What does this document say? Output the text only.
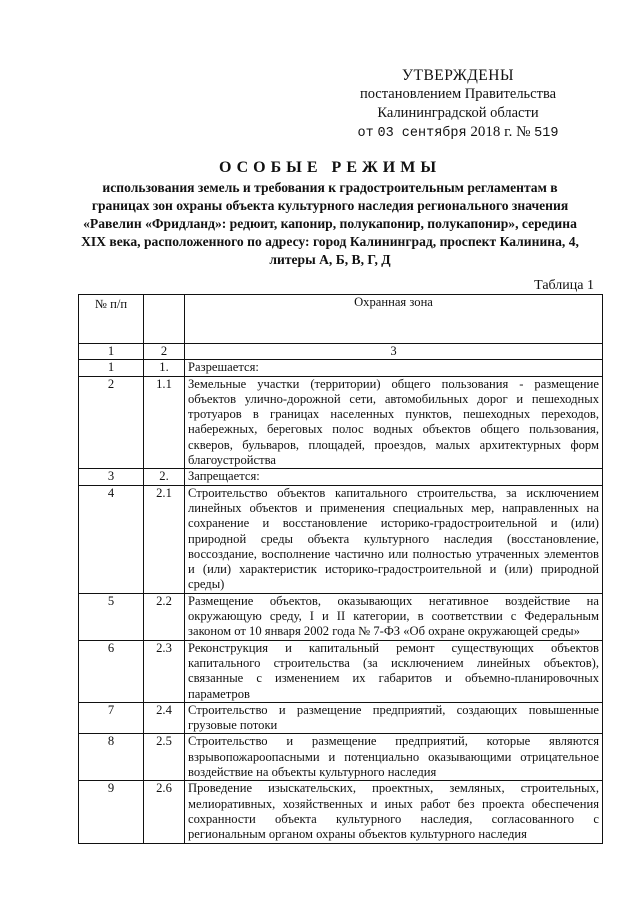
УТВЕРЖДЕНЫ
постановлением Правительства
Калининградской области
от 03 сентября 2018 г. № 519
ОСОБЫЕ РЕЖИМЫ
использования земель и требования к градостроительным регламентам в границах зон охраны объекта культурного наследия регионального значения «Равелин «Фридланд»: редюит, капонир, полукапонир, полукапонир», середина XIX века, расположенного по адресу: город Калининград, проспект Калинина, 4, литеры А, Б, В, Г, Д
Таблица 1
№ п/п		Охранная зона
1	2	3
1	1.	Разрешается:
2	1.1	Земельные участки (территории) общего пользования - размещение объектов улично-дорожной сети, автомобильных дорог и пешеходных тротуаров в границах населенных пунктов, пешеходных переходов, набережных, береговых полос водных объектов общего пользования, скверов, бульваров, площадей, проездов, малых архитектурных форм благоустройства
3	2.	Запрещается:
4	2.1	Строительство объектов капитального строительства, за исключением линейных объектов и применения специальных мер, направленных на сохранение и восстановление историко-градостроительной и (или) природной среды объекта культурного наследия (восстановление, воссоздание, восполнение частично или полностью утраченных элементов и (или) характеристик историко-градостроительной и (или) природной среды)
5	2.2	Размещение объектов, оказывающих негативное воздействие на окружающую среду, I и II категории, в соответствии с Федеральным законом от 10 января 2002 года № 7-ФЗ «Об охране окружающей среды»
6	2.3	Реконструкция и капитальный ремонт существующих объектов капитального строительства (за исключением линейных объектов), связанные с изменением их габаритов и объемно-планировочных параметров
7	2.4	Строительство и размещение предприятий, создающих повышенные грузовые потоки
8	2.5	Строительство и размещение предприятий, которые являются взрывопожароопасными и потенциально оказывающими отрицательное воздействие на объекты культурного наследия
9	2.6	Проведение изыскательских, проектных, земляных, строительных, мелиоративных, хозяйственных и иных работ без проекта обеспечения сохранности объекта культурного наследия, согласованного с региональным органом охраны объектов культурного наследия
